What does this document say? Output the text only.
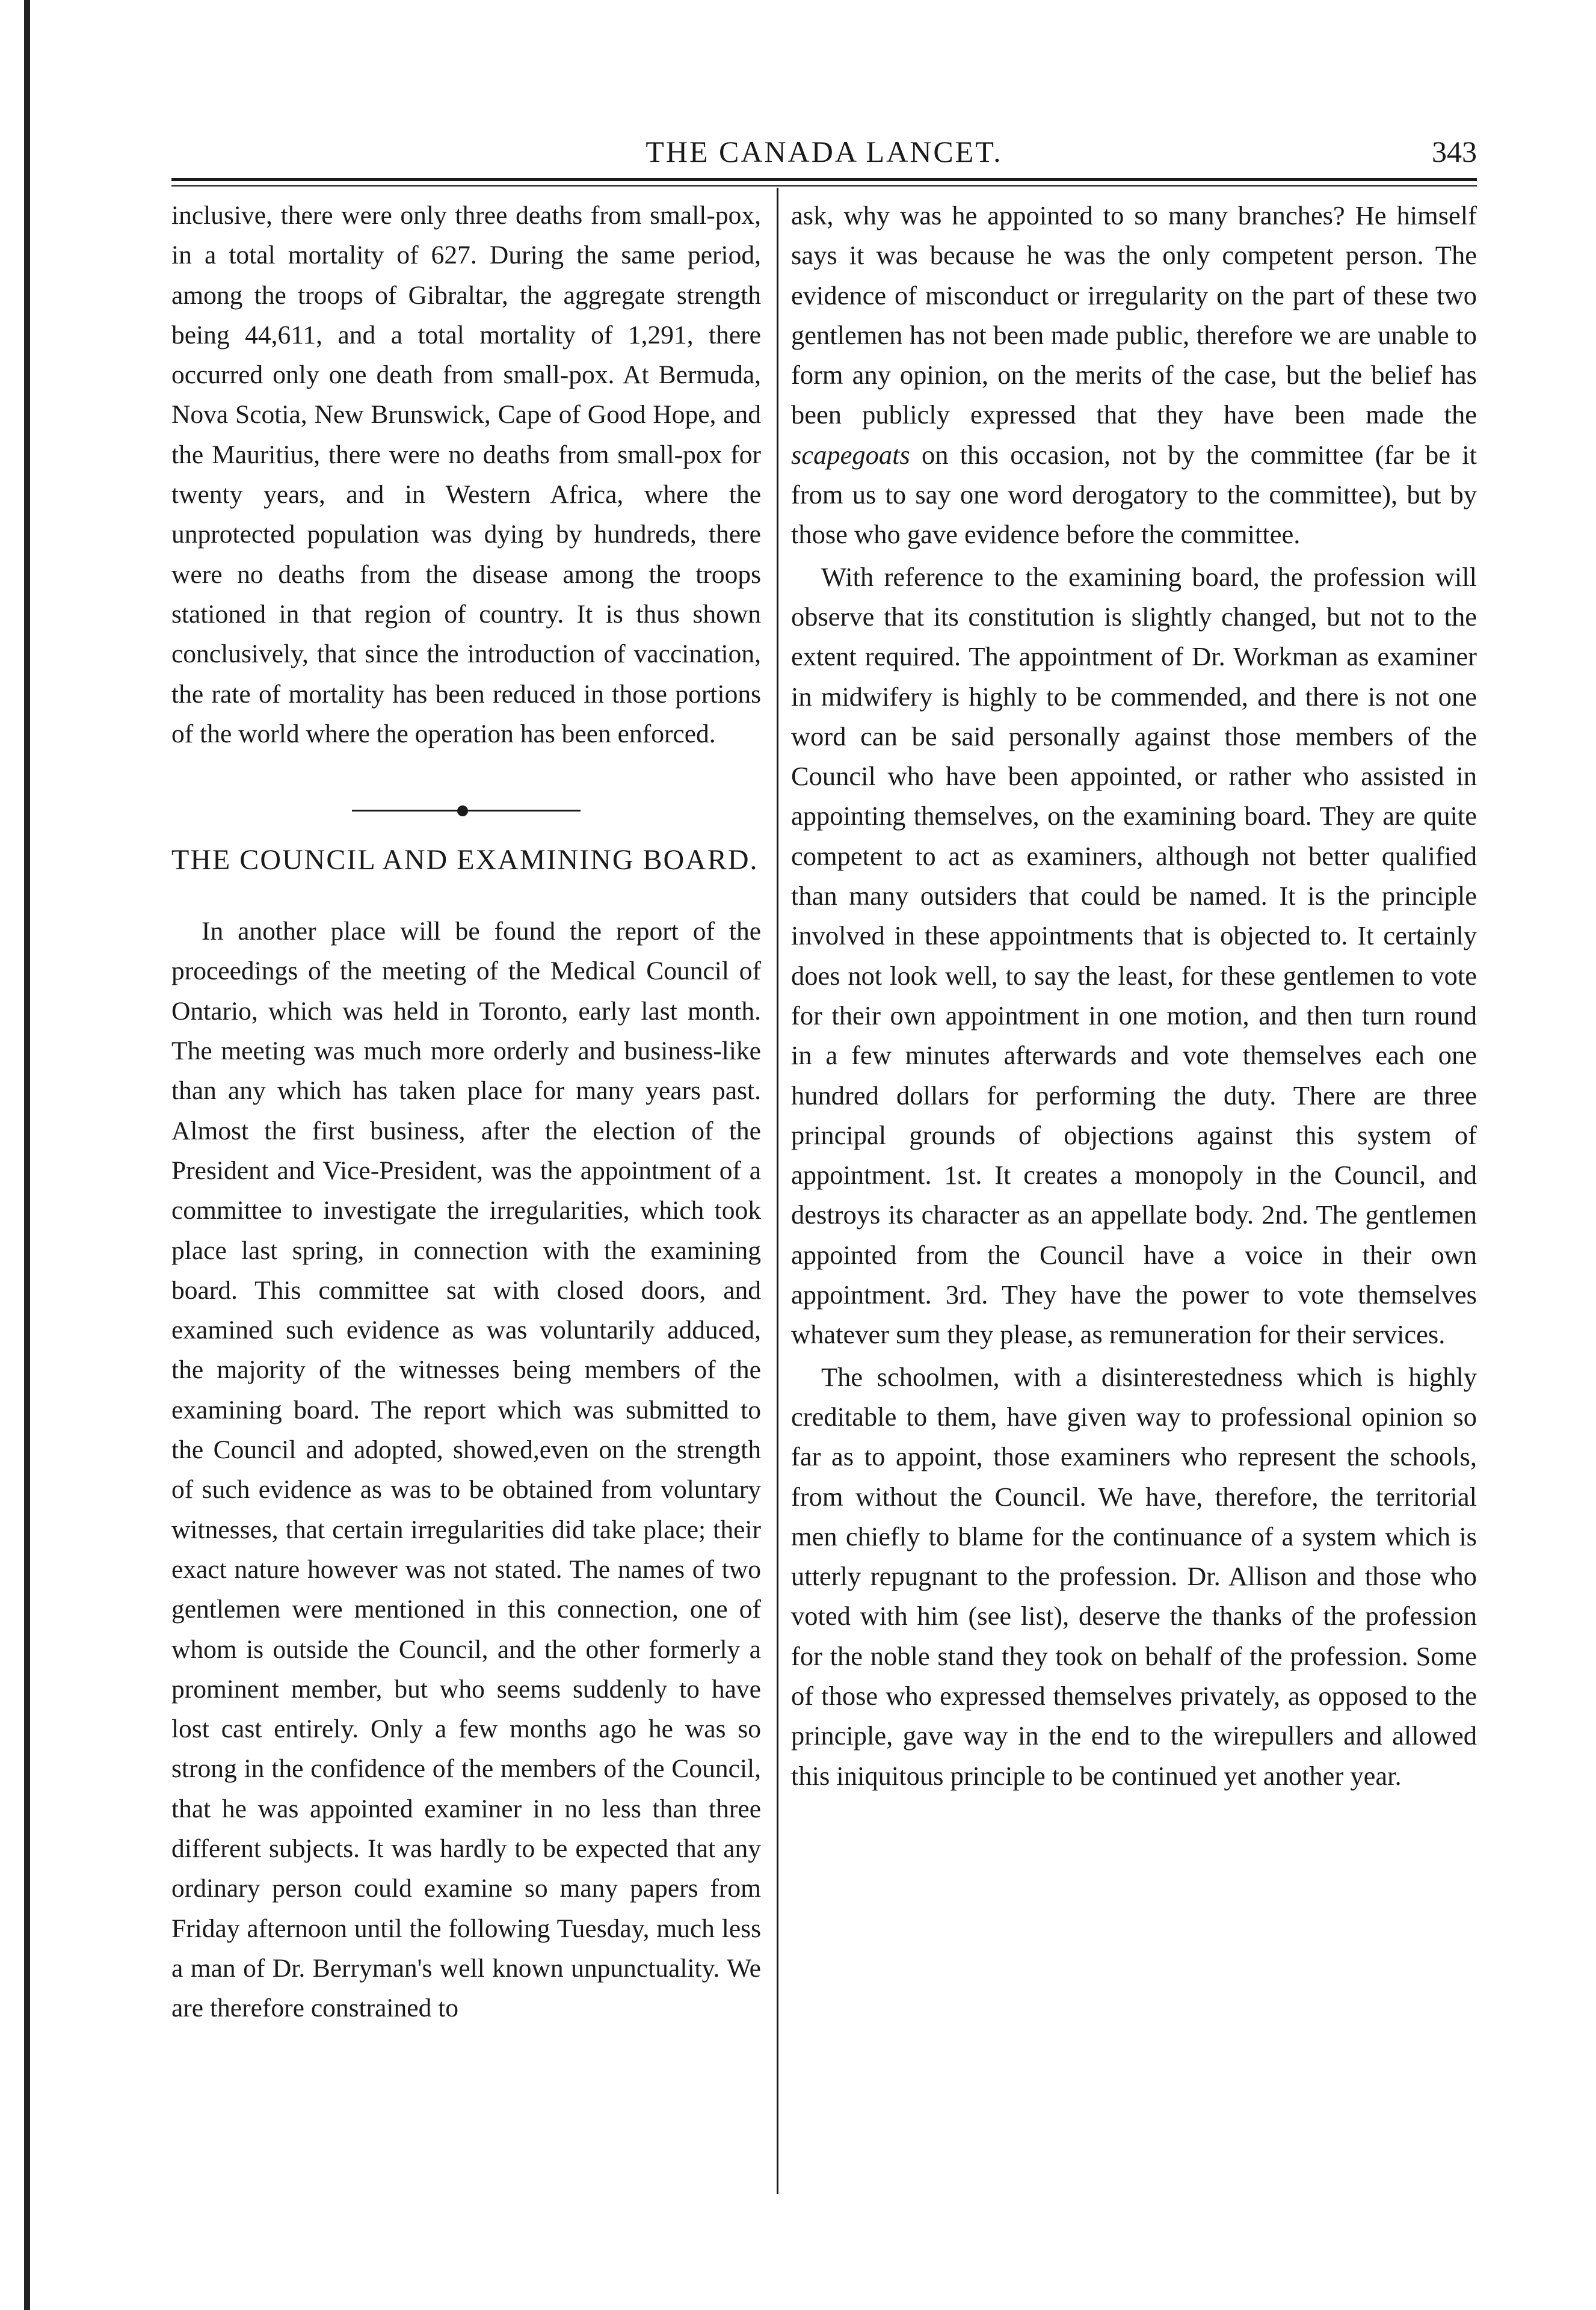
THE CANADA LANCET.	343

inclusive, there were only three deaths from small-pox, in a total mortality of 627. During the same period, among the troops of Gibraltar, the aggregate strength being 44,611, and a total mortality of 1,291, there occurred only one death from small-pox. At Bermuda, Nova Scotia, New Brunswick, Cape of Good Hope, and the Mauritius, there were no deaths from small-pox for twenty years, and in Western Africa, where the unprotected population was dying by hundreds, there were no deaths from the disease among the troops stationed in that region of country. It is thus shown conclusively, that since the introduction of vaccination, the rate of mortality has been reduced in those portions of the world where the operation has been enforced.

THE COUNCIL AND EXAMINING BOARD.

In another place will be found the report of the proceedings of the meeting of the Medical Council of Ontario, which was held in Toronto, early last month. The meeting was much more orderly and business-like than any which has taken place for many years past. Almost the first business, after the election of the President and Vice-President, was the appointment of a committee to investigate the irregularities, which took place last spring, in connection with the examining board. This committee sat with closed doors, and examined such evidence as was voluntarily adduced, the majority of the witnesses being members of the examining board. The report which was submitted to the Council and adopted, showed,even on the strength of such evidence as was to be obtained from voluntary witnesses, that certain irregularities did take place; their exact nature however was not stated. The names of two gentlemen were mentioned in this connection, one of whom is outside the Council, and the other formerly a prominent member, but who seems suddenly to have lost cast entirely. Only a few months ago he was so strong in the confidence of the members of the Council, that he was appointed examiner in no less than three different subjects. It was hardly to be expected that any ordinary person could examine so many papers from Friday afternoon until the following Tuesday, much less a man of Dr. Berryman's well known unpunctuality. We are therefore constrained to

ask, why was he appointed to so many branches? He himself says it was because he was the only competent person. The evidence of misconduct or irregularity on the part of these two gentlemen has not been made public, therefore we are unable to form any opinion, on the merits of the case, but the belief has been publicly expressed that they have been made the scapegoats on this occasion, not by the committee (far be it from us to say one word derogatory to the committee), but by those who gave evidence before the committee.

With reference to the examining board, the profession will observe that its constitution is slightly changed, but not to the extent required. The appointment of Dr. Workman as examiner in midwifery is highly to be commended, and there is not one word can be said personally against those members of the Council who have been appointed, or rather who assisted in appointing themselves, on the examining board. They are quite competent to act as examiners, although not better qualified than many outsiders that could be named. It is the principle involved in these appointments that is objected to. It certainly does not look well, to say the least, for these gentlemen to vote for their own appointment in one motion, and then turn round in a few minutes afterwards and vote themselves each one hundred dollars for performing the duty. There are three principal grounds of objections against this system of appointment. 1st. It creates a monopoly in the Council, and destroys its character as an appellate body. 2nd. The gentlemen appointed from the Council have a voice in their own appointment. 3rd. They have the power to vote themselves whatever sum they please, as remuneration for their services.

The schoolmen, with a disinterestedness which is highly creditable to them, have given way to professional opinion so far as to appoint, those examiners who represent the schools, from without the Council. We have, therefore, the territorial men chiefly to blame for the continuance of a system which is utterly repugnant to the profession. Dr. Allison and those who voted with him (see list), deserve the thanks of the profession for the noble stand they took on behalf of the profession. Some of those who expressed themselves privately, as opposed to the principle, gave way in the end to the wirepullers and allowed this iniquitous principle to be continued yet another year.
